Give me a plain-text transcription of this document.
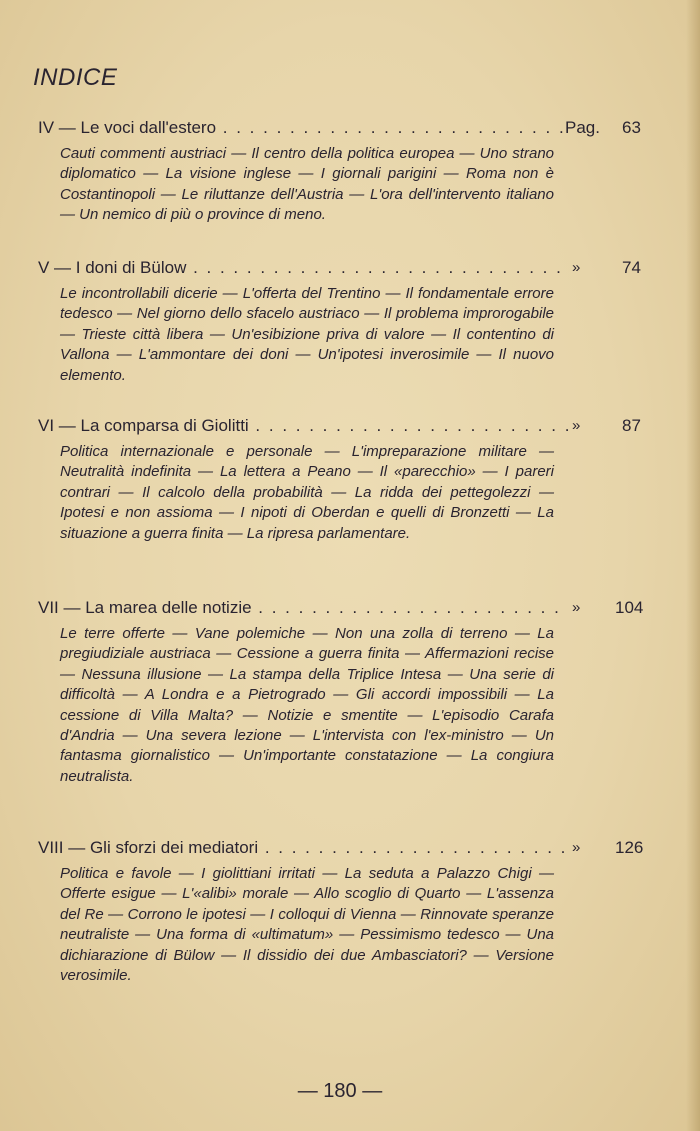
INDICE
IV — Le voci dall'estero . . .	Pag.	63

Cauti commenti austriaci — Il centro della politica europea — Uno strano diplomatico — La visione inglese — I giornali parigini — Roma non è Costantinopoli — Le riluttanze dell'Austria — L'ora dell'intervento italiano — Un nemico di più o province di meno.

V — I doni di Bülow . . .	»	74

Le incontrollabili dicerie — L'offerta del Trentino — Il fondamentale errore tedesco — Nel giorno dello sfacelo austriaco — Il problema improrogabile — Trieste città libera — Un'esibizione priva di valore — Il contentino di Vallona — L'ammontare dei doni — Un'ipotesi inverosimile — Il nuovo elemento.

VI — La comparsa di Giolitti . . .	»	87

Politica internazionale e personale — L'impreparazione militare — Neutralità indefinita — La lettera a Peano — Il «parecchio» — I pareri contrari — Il calcolo della probabilità — La ridda dei pettegolezzi — Ipotesi e non assioma — I nipoti di Oberdan e quelli di Bronzetti — La situazione a guerra finita — La ripresa parlamentare.

VII — La marea delle notizie . . .	»	104

Le terre offerte — Vane polemiche — Non una zolla di terreno — La pregiudiziale austriaca — Cessione a guerra finita — Affermazioni recise — Nessuna illusione — La stampa della Triplice Intesa — Una serie di difficoltà — A Londra e a Pietrogrado — Gli accordi impossibili — La cessione di Villa Malta? — Notizie e smentite — L'episodio Carafa d'Andria — Una severa lezione — L'intervista con l'ex-ministro — Un fantasma giornalistico — Un'importante constatazione — La congiura neutralista.

VIII — Gli sforzi dei mediatori . . .	»	126

Politica e favole — I giolittiani irritati — La seduta a Palazzo Chigi — Offerte esigue — L'«alibi» morale — Allo scoglio di Quarto — L'assenza del Re — Corrono le ipotesi — I colloqui di Vienna — Rinnovate speranze neutraliste — Una forma di «ultimatum» — Pessimismo tedesco — Una dichiarazione di Bülow — Il dissidio dei due Ambasciatori? — Versione verosimile.

— 180 —
